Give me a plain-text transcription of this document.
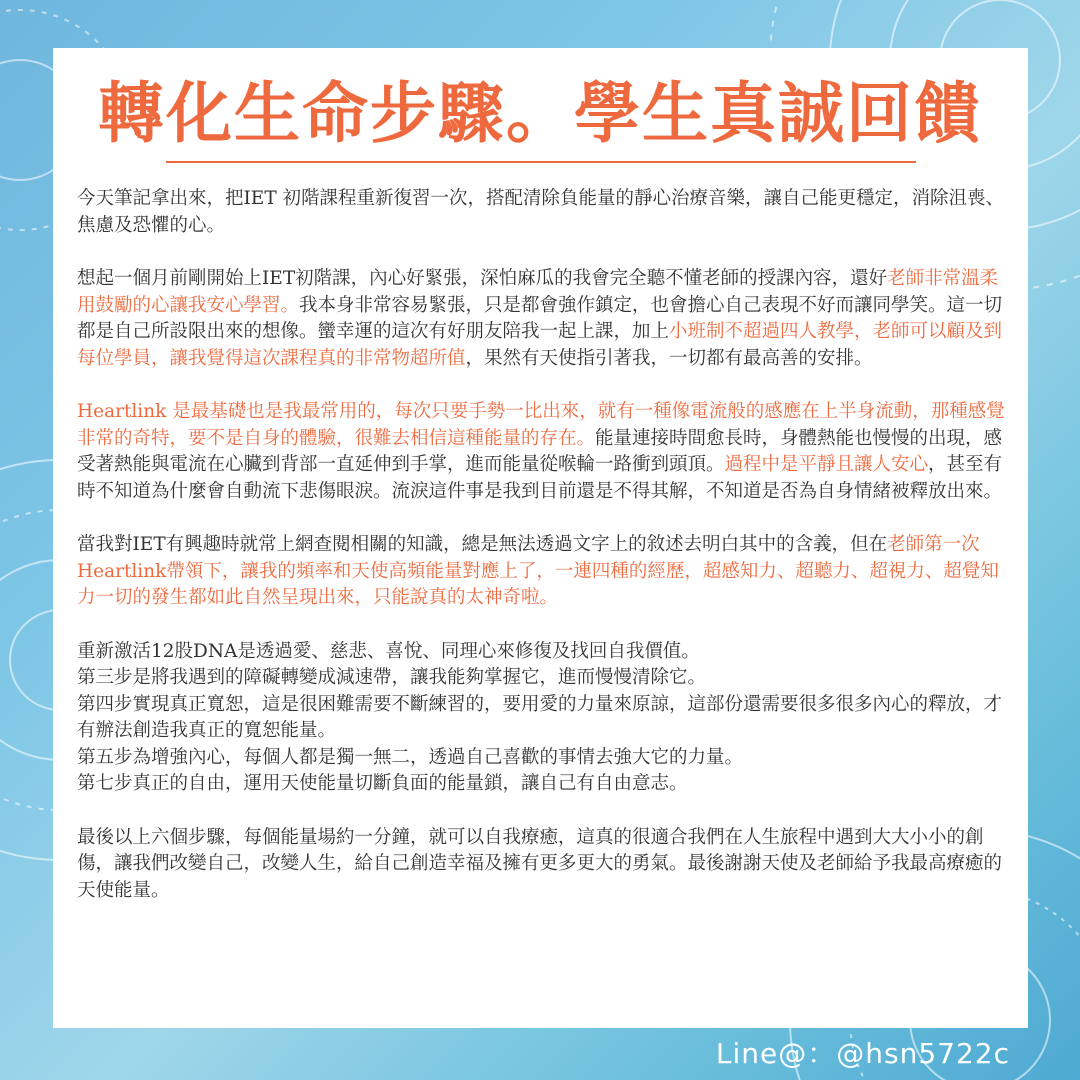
轉化生命步驟。學生真誠回饋

今天筆記拿出來，把IET 初階課程重新復習一次，搭配清除負能量的靜心治療音樂，讓自己能更穩定，消除沮喪、焦慮及恐懼的心。

想起一個月前剛開始上IET初階課，內心好緊張，深怕麻瓜的我會完全聽不懂老師的授課內容，還好老師非常溫柔用鼓勵的心讓我安心學習。我本身非常容易緊張，只是都會強作鎮定，也會擔心自己表現不好而讓同學笑。這一切都是自己所設限出來的想像。蠻幸運的這次有好朋友陪我一起上課，加上小班制不超過四人教學，老師可以顧及到每位學員，讓我覺得這次課程真的非常物超所值，果然有天使指引著我，一切都有最高善的安排。

Heartlink 是最基礎也是我最常用的，每次只要手勢一比出來，就有一種像電流般的感應在上半身流動，那種感覺非常的奇特，要不是自身的體驗，很難去相信這種能量的存在。能量連接時間愈長時，身體熱能也慢慢的出現，感受著熱能與電流在心臟到背部一直延伸到手掌，進而能量從喉輪一路衝到頭頂。過程中是平靜且讓人安心，甚至有時不知道為什麼會自動流下悲傷眼淚。流淚這件事是我到目前還是不得其解，不知道是否為自身情緒被釋放出來。

當我對IET有興趣時就常上網查閱相關的知識，總是無法透過文字上的敘述去明白其中的含義，但在老師第一次Heartlink帶領下，讓我的頻率和天使高頻能量對應上了，一連四種的經歷，超感知力、超聽力、超視力、超覺知力一切的發生都如此自然呈現出來，只能說真的太神奇啦。

重新激活12股DNA是透過愛、慈悲、喜悅、同理心來修復及找回自我價值。
第三步是將我遇到的障礙轉變成減速帶，讓我能夠掌握它，進而慢慢清除它。
第四步實現真正寬恕，這是很困難需要不斷練習的，要用愛的力量來原諒，這部份還需要很多很多內心的釋放，才有辦法創造我真正的寬恕能量。
第五步為增強內心，每個人都是獨一無二，透過自己喜歡的事情去強大它的力量。
第七步真正的自由，運用天使能量切斷負面的能量鎖，讓自己有自由意志。

最後以上六個步驟，每個能量場約一分鐘，就可以自我療癒，這真的很適合我們在人生旅程中遇到大大小小的創傷，讓我們改變自己，改變人生，給自己創造幸福及擁有更多更大的勇氣。最後謝謝天使及老師給予我最高療癒的天使能量。

Line@：@hsn5722c
